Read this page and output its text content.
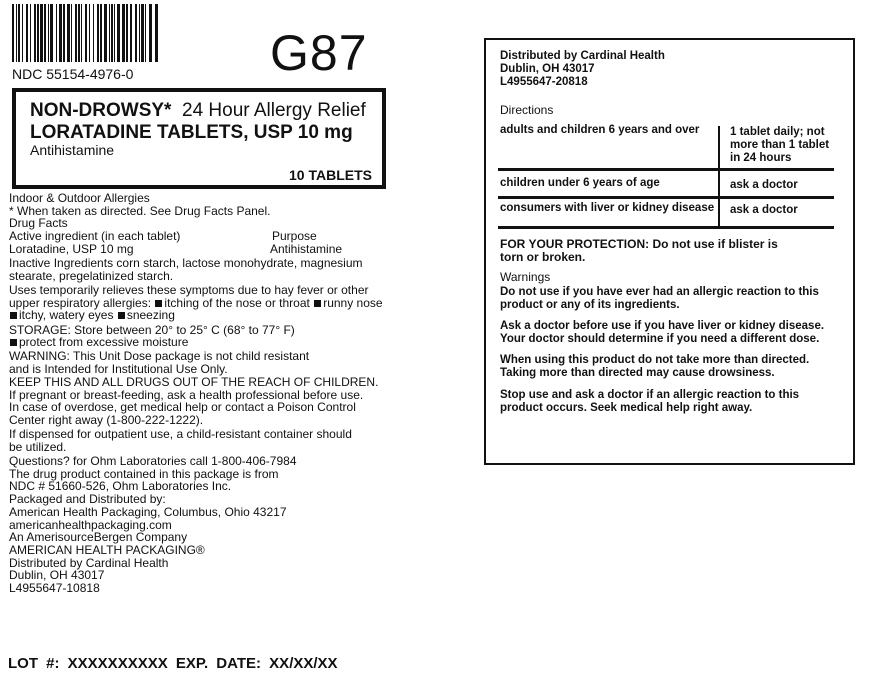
NDC 55154-4976-0	G87
NON-DROWSY* 24 Hour Allergy Relief
LORATADINE TABLETS, USP 10 mg
Antihistamine
10 TABLETS
Indoor & Outdoor Allergies
* When taken as directed. See Drug Facts Panel.
Drug Facts
Active ingredient (in each tablet)	Purpose
Loratadine, USP 10 mg	Antihistamine
Inactive Ingredients corn starch, lactose monohydrate, magnesium
stearate, pregelatinized starch.
Uses temporarily relieves these symptoms due to hay fever or other
upper respiratory allergies: itching of the nose or throat runny nose
itchy, watery eyes sneezing
STORAGE: Store between 20° to 25° C (68° to 77° F)
protect from excessive moisture
WARNING: This Unit Dose package is not child resistant
and is Intended for Institutional Use Only.
KEEP THIS AND ALL DRUGS OUT OF THE REACH OF CHILDREN.
If pregnant or breast-feeding, ask a health professional before use.
In case of overdose, get medical help or contact a Poison Control
Center right away (1-800-222-1222).
If dispensed for outpatient use, a child-resistant container should
be utilized.
Questions? for Ohm Laboratories call 1-800-406-7984
The drug product contained in this package is from
NDC # 51660-526, Ohm Laboratories Inc.
Packaged and Distributed by:
American Health Packaging, Columbus, Ohio 43217
americanhealthpackaging.com
An AmerisourceBergen Company
AMERICAN HEALTH PACKAGING®
Distributed by Cardinal Health
Dublin, OH 43017
L4955647-10818
LOT #: XXXXXXXXXX EXP. DATE: XX/XX/XX
Distributed by Cardinal Health
Dublin, OH 43017
L4955647-20818
Directions
adults and children 6 years and over	1 tablet daily; not
more than 1 tablet
in 24 hours
children under 6 years of age	ask a doctor
consumers with liver or kidney disease ask a doctor
FOR YOUR PROTECTION: Do not use if blister is
torn or broken.
Warnings
Do not use if you have ever had an allergic reaction to this
product or any of its ingredients.
Ask a doctor before use if you have liver or kidney disease.
Your doctor should determine if you need a different dose.
When using this product do not take more than directed.
Taking more than directed may cause drowsiness.
Stop use and ask a doctor if an allergic reaction to this
product occurs. Seek medical help right away.
